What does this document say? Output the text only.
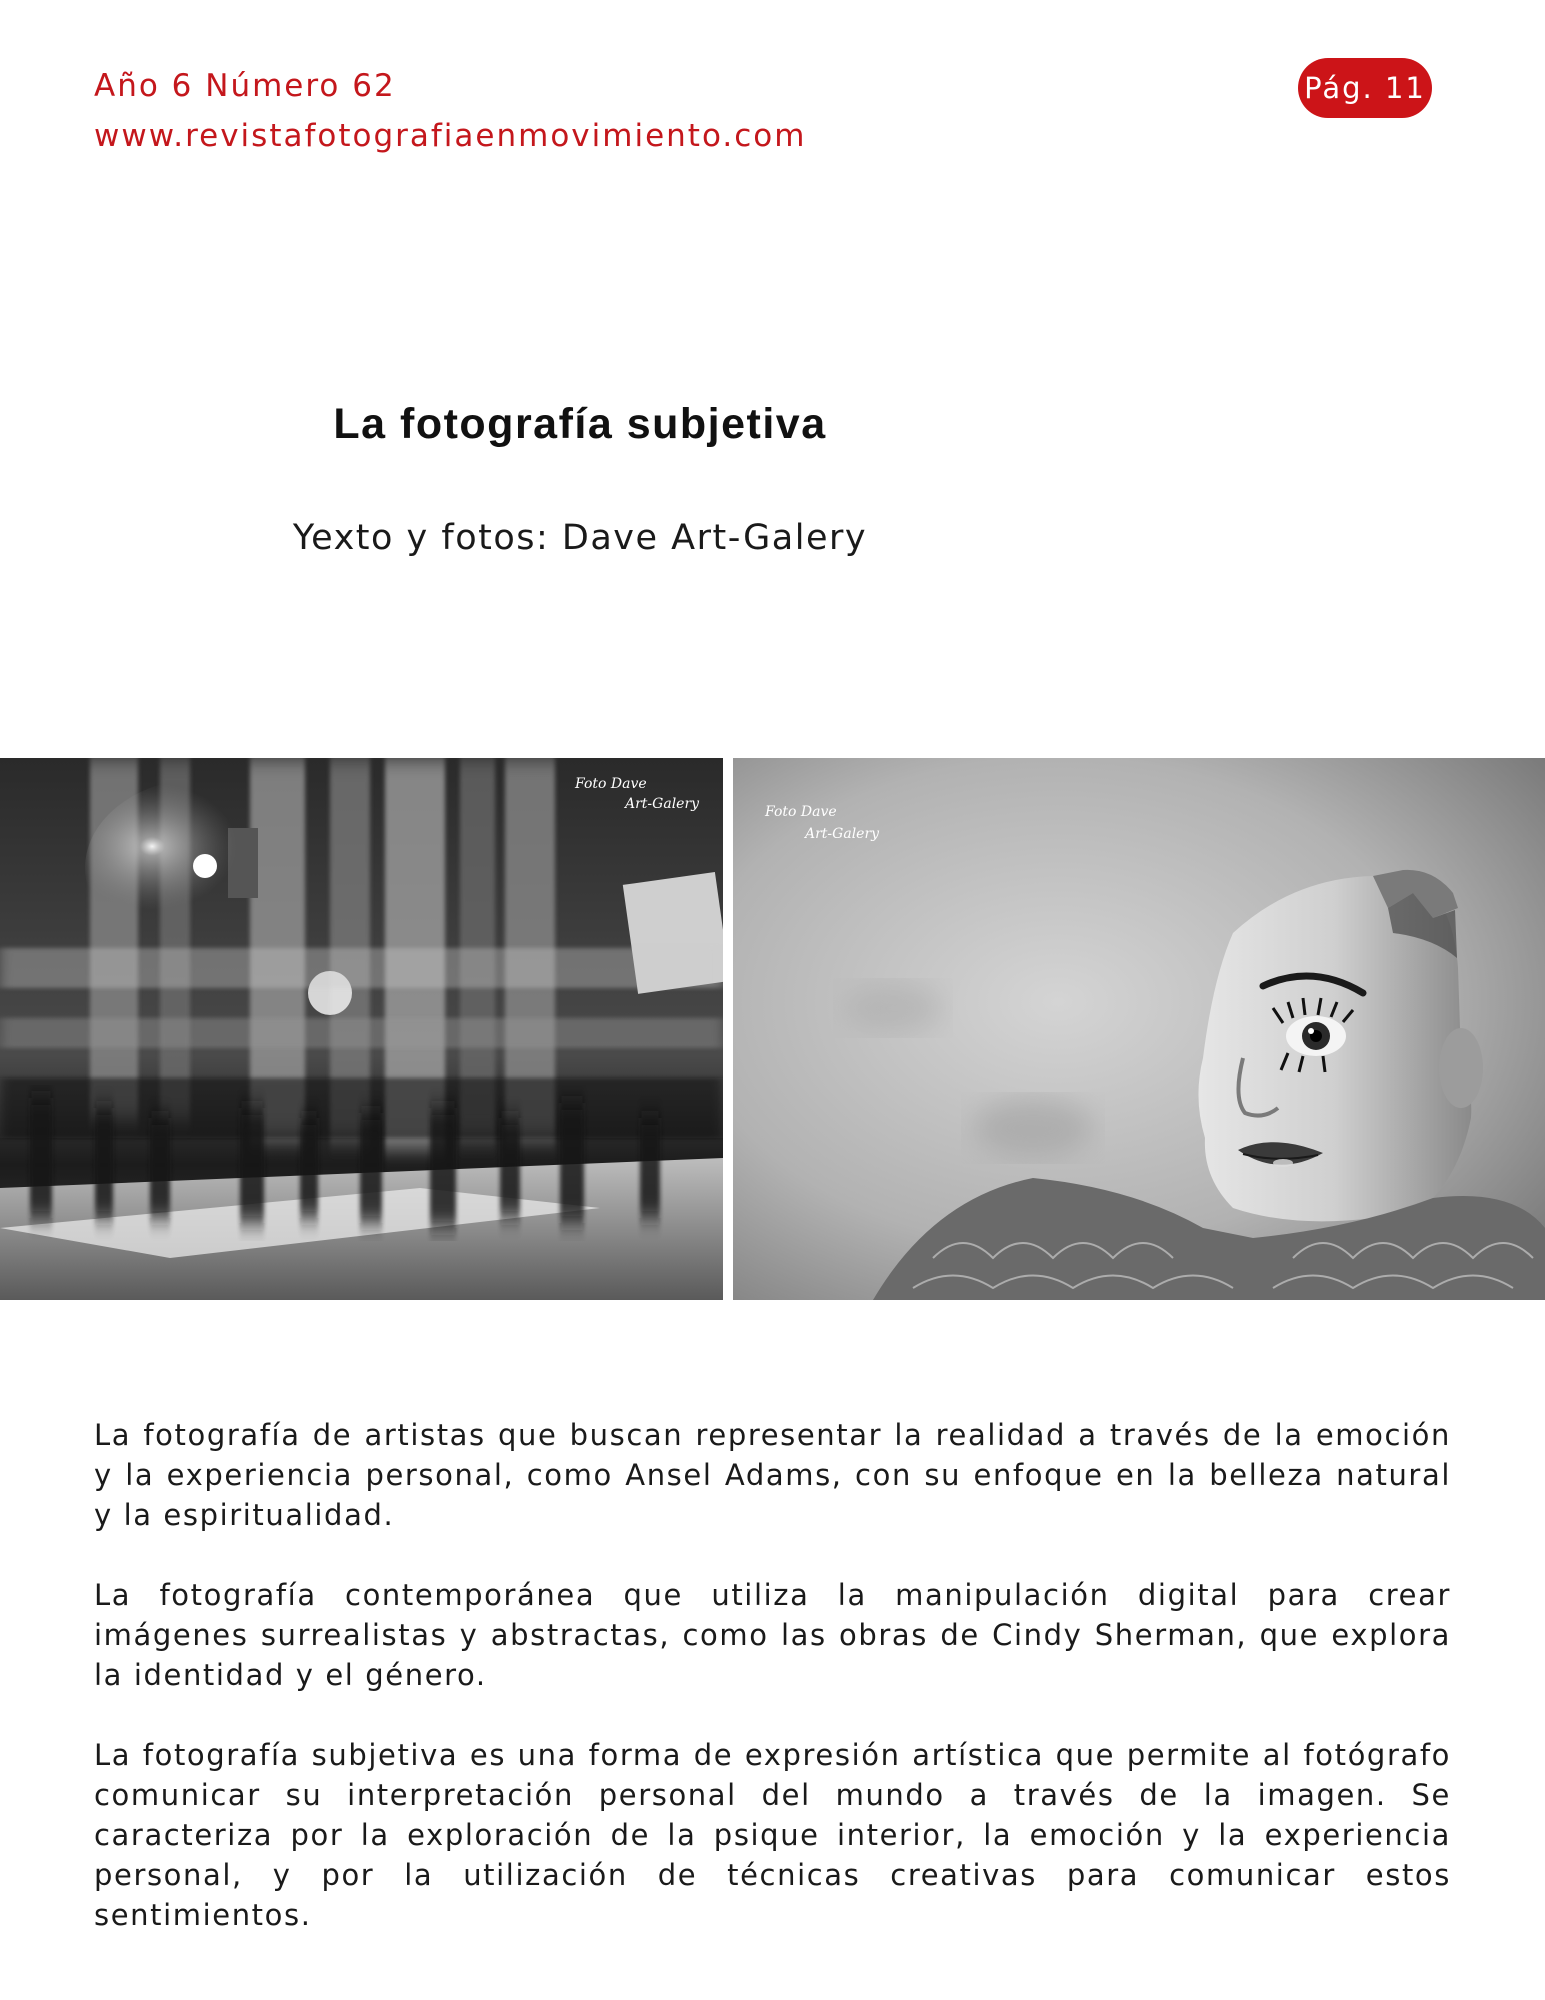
Año 6 Número 62
www.revistafotografiaenmovimiento.com
Pág. 11
La fotografía subjetiva
Yexto y fotos: Dave Art-Galery
Foto Dave
Art-Galery	Foto Dave
Art-Galery

La fotografía de artistas que buscan representar la realidad a través de la emoción y la experiencia personal, como Ansel Adams, con su enfoque en la belleza natural y la espiritualidad.

La fotografía contemporánea que utiliza la manipulación digital para crear imágenes surrealistas y abstractas, como las obras de Cindy Sherman, que explora la identidad y el género.

La fotografía subjetiva es una forma de expresión artística que permite al fotógrafo comunicar su interpretación personal del mundo a través de la imagen. Se caracteriza por la exploración de la psique interior, la emoción y la experiencia personal, y por la utilización de técnicas creativas para comunicar estos sentimientos.
